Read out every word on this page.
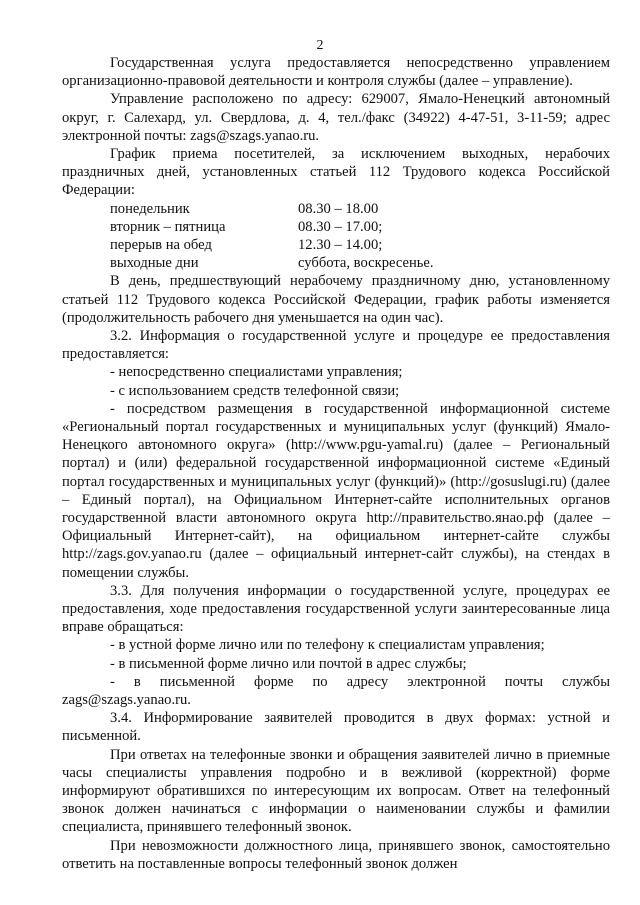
2

Государственная услуга предоставляется непосредственно управлением организационно-правовой деятельности и контроля службы (далее – управление).

Управление расположено по адресу: 629007, Ямало-Ненецкий автономный округ, г. Салехард, ул. Свердлова, д. 4, тел./факс (34922) 4-47-51, 3-11-59; адрес электронной почты: zags@szags.yanao.ru.

График приема посетителей, за исключением выходных, нерабочих праздничных дней, установленных статьей 112 Трудового кодекса Российской Федерации:

понедельник	08.30 – 18.00
вторник – пятница	08.30 – 17.00;
перерыв на обед	12.30 – 14.00;
выходные дни	суббота, воскресенье.

В день, предшествующий нерабочему праздничному дню, установленному статьей 112 Трудового кодекса Российской Федерации, график работы изменяется (продолжительность рабочего дня уменьшается на один час).

3.2. Информация о государственной услуге и процедуре ее предоставления предоставляется:

- непосредственно специалистами управления;

- с использованием средств телефонной связи;

- посредством размещения в государственной информационной системе «Региональный портал государственных и муниципальных услуг (функций) Ямало-Ненецкого автономного округа» (http://www.pgu-yamal.ru) (далее – Региональный портал) и (или) федеральной государственной информационной системе «Единый портал государственных и муниципальных услуг (функций)» (http://gosuslugi.ru) (далее – Единый портал), на Официальном Интернет-сайте исполнительных органов государственной власти автономного округа http://правительство.янао.рф (далее – Официальный Интернет-сайт), на официальном интернет-сайте службы http://zags.gov.yanao.ru (далее – официальный интернет-сайт службы), на стендах в помещении службы.

3.3. Для получения информации о государственной услуге, процедурах ее предоставления, ходе предоставления государственной услуги заинтересованные лица вправе обращаться:

- в устной форме лично или по телефону к специалистам управления;

- в письменной форме лично или почтой в адрес службы;

- в письменной форме по адресу электронной почты службы zags@szags.yanao.ru.

3.4. Информирование заявителей проводится в двух формах: устной и письменной.

При ответах на телефонные звонки и обращения заявителей лично в приемные часы специалисты управления подробно и в вежливой (корректной) форме информируют обратившихся по интересующим их вопросам. Ответ на телефонный звонок должен начинаться с информации о наименовании службы и фамилии специалиста, принявшего телефонный звонок.

При невозможности должностного лица, принявшего звонок, самостоятельно ответить на поставленные вопросы телефонный звонок должен
